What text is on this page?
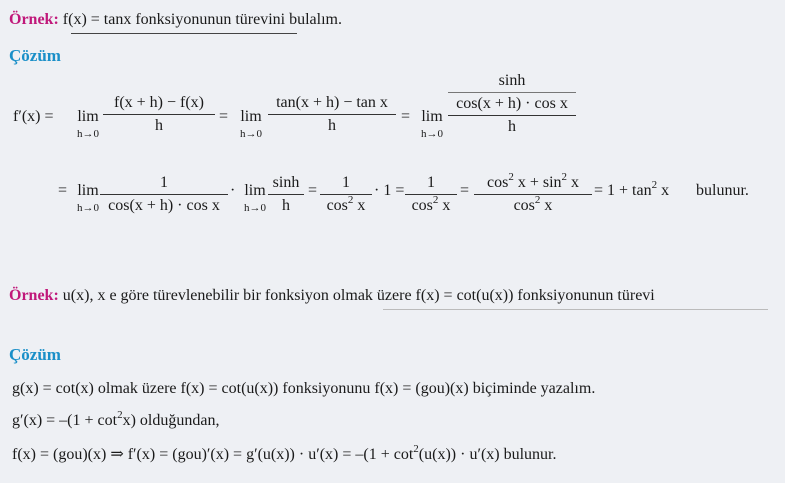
Örnek: f(x) = tanx fonksiyonunun türevini bulalım.
Çözüm
f′(x) =	lim
h→0
f(x + h) − f(x)
h
= lim
h→0
tan(x + h) − tan x
h
= lim
h→0
sinh
cos(x + h) · cos x
h
= lim
h→0
1
cos(x + h) · cos x
· lim
h→0
sinh
h
=	1
$\cos^2 x$
· 1 =	1
$\cos^2 x$
=	$\cos^2 x + \sin^2 x$
$\cos^2 x$
= $1 + \tan^2 x$ bulunur.
Örnek: u(x), x e göre türevlenebilir bir fonksiyon olmak üzere f(x) = cot(u(x)) fonksiyonunun türevi
Çözüm
g(x) = cot(x) olmak üzere f(x) = cot(u(x)) fonksiyonunu f(x) = (gou)(x) biçiminde yazalım.
$g'(x) = -(1 + \cot^2x)$ olduğundan,
f(x) = (gou)(x) ⇒ $f'(x) = (gou)'(x) = g'(u(x)) \cdot u'(x) = -(1 + \cot^2(u(x)) \cdot u'(x)$ bulunur.
